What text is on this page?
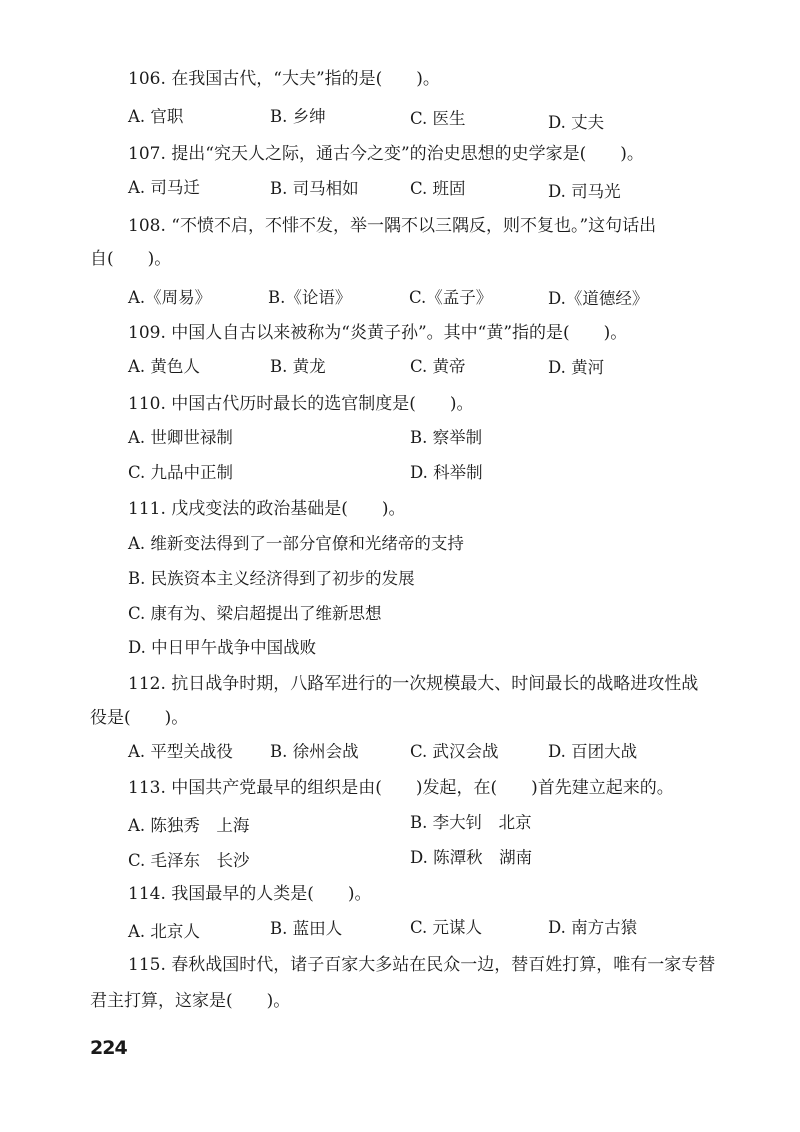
106. 在我国古代，“大夫”指的是(　　)。
A. 官职	B. 乡绅	C. 医生	D. 丈夫
107. 提出“究天人之际，通古今之变”的治史思想的史学家是(　　)。
A. 司马迁	B. 司马相如	C. 班固	D. 司马光
108. “不愤不启，不悱不发，举一隅不以三隅反，则不复也。”这句话出
自(　　)。
A.《周易》	B.《论语》	C.《孟子》	D.《道德经》
109. 中国人自古以来被称为“炎黄子孙”。其中“黄”指的是(　　)。
A. 黄色人	B. 黄龙	C. 黄帝	D. 黄河
110. 中国古代历时最长的选官制度是(　　)。
A. 世卿世禄制	B. 察举制
C. 九品中正制	D. 科举制
111. 戊戌变法的政治基础是(　　)。
A. 维新变法得到了一部分官僚和光绪帝的支持
B. 民族资本主义经济得到了初步的发展
C. 康有为、梁启超提出了维新思想
D. 中日甲午战争中国战败
112. 抗日战争时期，八路军进行的一次规模最大、时间最长的战略进攻性战
役是(　　)。
A. 平型关战役 B. 徐州会战	C. 武汉会战	D. 百团大战
113. 中国共产党最早的组织是由(　　)发起，在(　　)首先建立起来的。
A. 陈独秀　上海	B. 李大钊　北京
C. 毛泽东　长沙	D. 陈潭秋　湖南
114. 我国最早的人类是(　　)。
A. 北京人	B. 蓝田人	C. 元谋人	D. 南方古猿
115. 春秋战国时代，诸子百家大多站在民众一边，替百姓打算，唯有一家专替
君主打算，这家是(　　)。
224
